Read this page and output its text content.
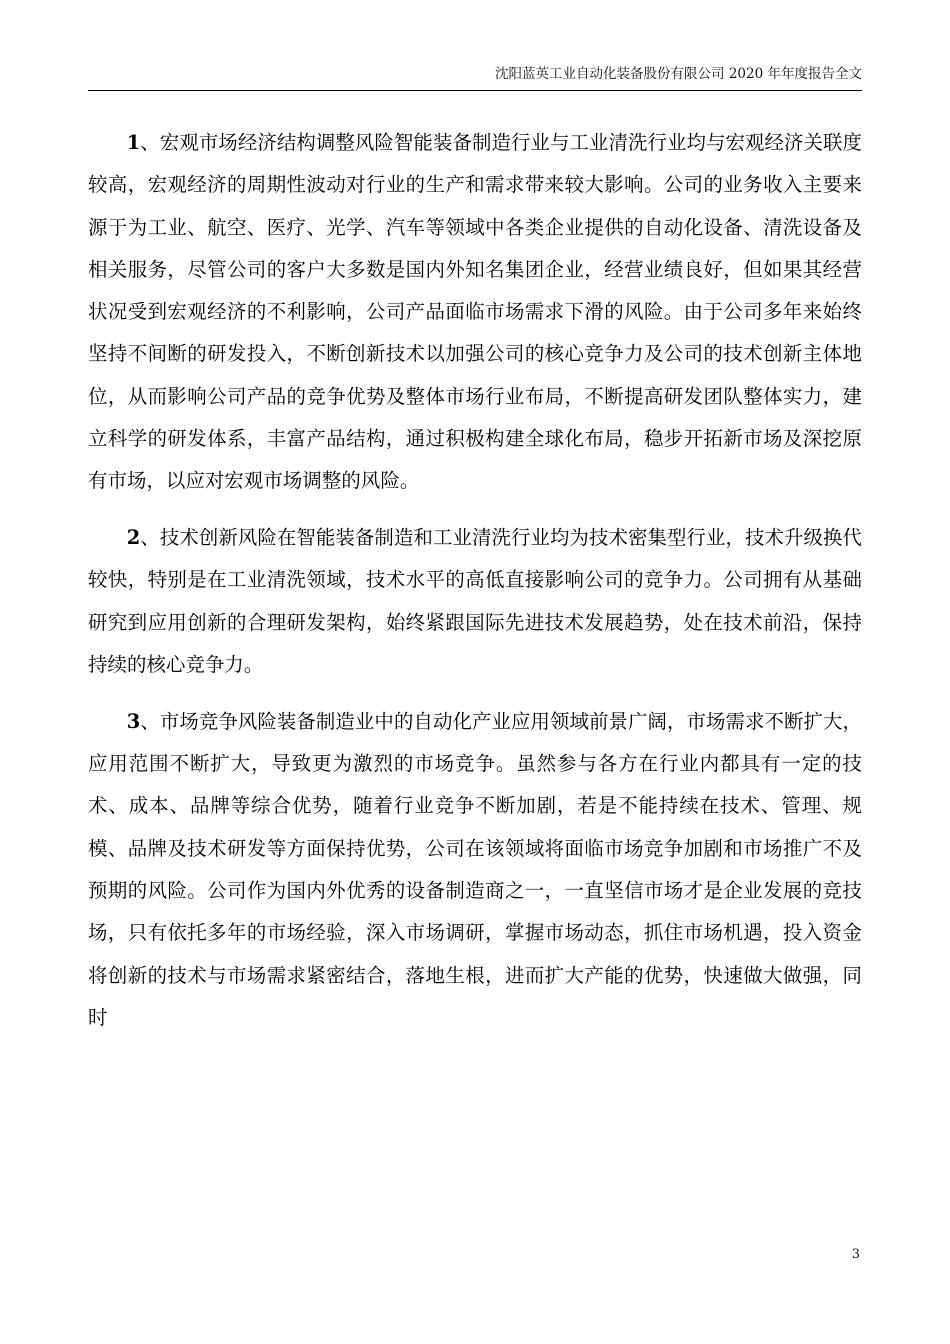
沈阳蓝英工业自动化装备股份有限公司 2020 年年度报告全文

1、宏观市场经济结构调整风险智能装备制造行业与工业清洗行业均与宏观经济关联度较高，宏观经济的周期性波动对行业的生产和需求带来较大影响。公司的业务收入主要来源于为工业、航空、医疗、光学、汽车等领域中各类企业提供的自动化设备、清洗设备及相关服务，尽管公司的客户大多数是国内外知名集团企业，经营业绩良好，但如果其经营状况受到宏观经济的不利影响，公司产品面临市场需求下滑的风险。由于公司多年来始终坚持不间断的研发投入，不断创新技术以加强公司的核心竞争力及公司的技术创新主体地位，从而影响公司产品的竞争优势及整体市场行业布局，不断提高研发团队整体实力，建立科学的研发体系，丰富产品结构，通过积极构建全球化布局，稳步开拓新市场及深挖原有市场，以应对宏观市场调整的风险。

2、技术创新风险在智能装备制造和工业清洗行业均为技术密集型行业，技术升级换代较快，特别是在工业清洗领域，技术水平的高低直接影响公司的竞争力。公司拥有从基础研究到应用创新的合理研发架构，始终紧跟国际先进技术发展趋势，处在技术前沿，保持持续的核心竞争力。

3、市场竞争风险装备制造业中的自动化产业应用领域前景广阔，市场需求不断扩大，应用范围不断扩大，导致更为激烈的市场竞争。虽然参与各方在行业内都具有一定的技术、成本、品牌等综合优势，随着行业竞争不断加剧，若是不能持续在技术、管理、规模、品牌及技术研发等方面保持优势，公司在该领域将面临市场竞争加剧和市场推广不及预期的风险。公司作为国内外优秀的设备制造商之一，一直坚信市场才是企业发展的竞技场，只有依托多年的市场经验，深入市场调研，掌握市场动态，抓住市场机遇，投入资金将创新的技术与市场需求紧密结合，落地生根，进而扩大产能的优势，快速做大做强，同时

3
